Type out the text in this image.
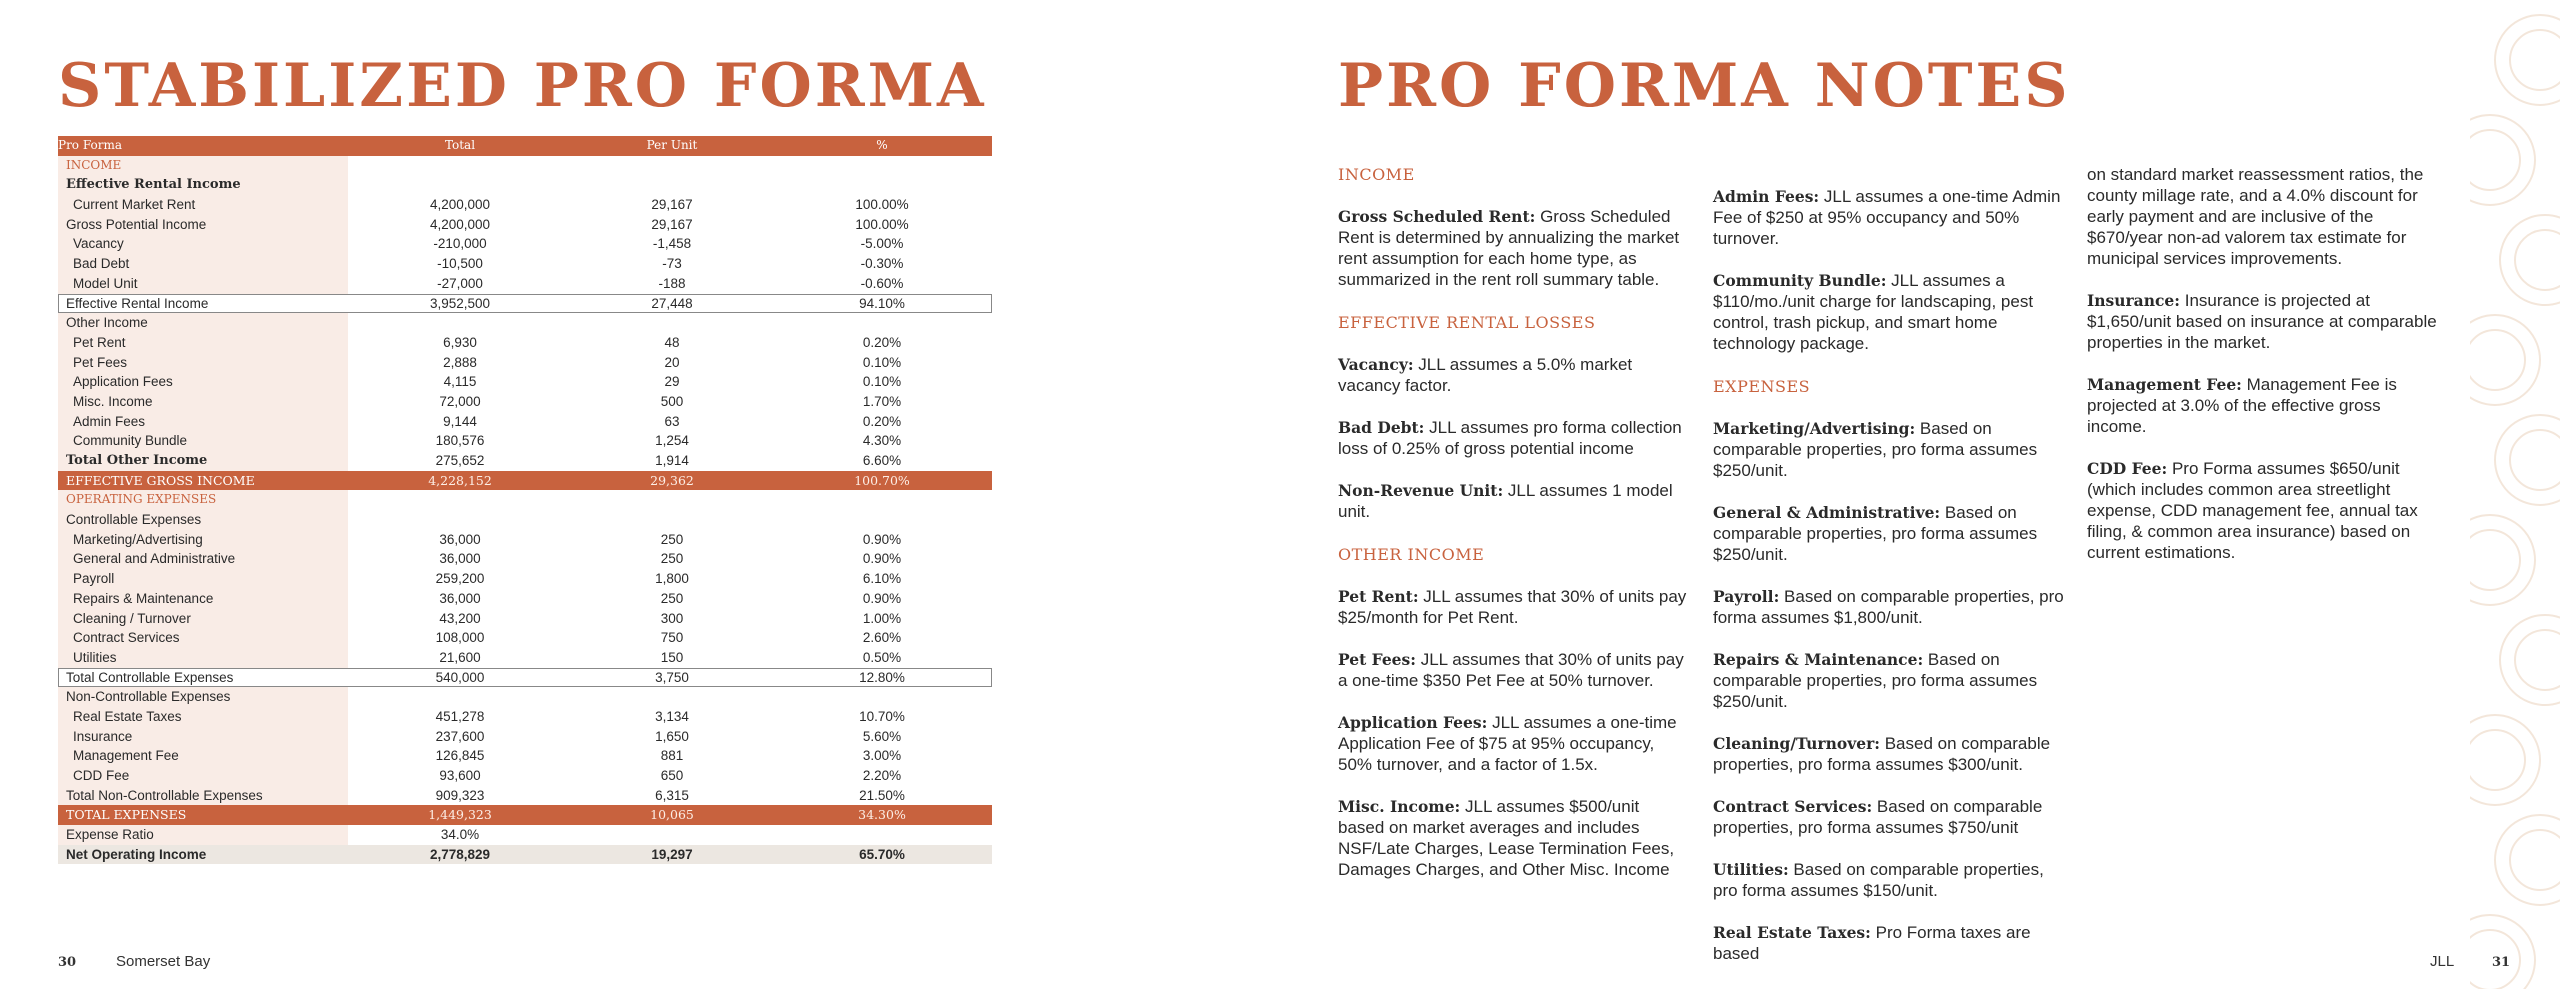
STABILIZED PRO FORMA	PRO FORMA NOTES
Pro Forma	Total	Per Unit	%
INCOME
Effective Rental Income
Current Market Rent	4,200,000	29,167	100.00%
Gross Potential Income	4,200,000	29,167	100.00%
Vacancy	-210,000	-1,458	-5.00%
Bad Debt	-10,500	-73	-0.30%
Model Unit	-27,000	-188	-0.60%
Effective Rental Income	3,952,500	27,448	94.10%
Other Income
Pet Rent	6,930	48	0.20%
Pet Fees	2,888	20	0.10%
Application Fees	4,115	29	0.10%
Misc. Income	72,000	500	1.70%
Admin Fees	9,144	63	0.20%
Community Bundle	180,576	1,254	4.30%
Total Other Income	275,652	1,914	6.60%
EFFECTIVE GROSS INCOME	4,228,152	29,362	100.70%
OPERATING EXPENSES
Controllable Expenses
Marketing/Advertising	36,000	250	0.90%
General and Administrative	36,000	250	0.90%
Payroll	259,200	1,800	6.10%
Repairs & Maintenance	36,000	250	0.90%
Cleaning / Turnover	43,200	300	1.00%
Contract Services	108,000	750	2.60%
Utilities	21,600	150	0.50%
Total Controllable Expenses	540,000	3,750	12.80%
Non-Controllable Expenses
Real Estate Taxes	451,278	3,134	10.70%
Insurance	237,600	1,650	5.60%
Management Fee	126,845	881	3.00%
CDD Fee	93,600	650	2.20%
Total Non-Controllable Expenses	909,323	6,315	21.50%
TOTAL EXPENSES	1,449,323	10,065	34.30%
Expense Ratio	34.0%
Net Operating Income	2,778,829	19,297	65.70%
INCOME

Gross Scheduled Rent: Gross Scheduled Rent is determined by annualizing the market rent assumption for each home type, as summarized in the rent roll summary table.

EFFECTIVE RENTAL LOSSES

Vacancy: JLL assumes a 5.0% market vacancy factor.

Bad Debt: JLL assumes pro forma collection loss of 0.25% of gross potential income

Non-Revenue Unit: JLL assumes 1 model unit.

OTHER INCOME

Pet Rent: JLL assumes that 30% of units pay $25/month for Pet Rent.

Pet Fees: JLL assumes that 30% of units pay a one-time $350 Pet Fee at 50% turnover.

Application Fees: JLL assumes a one-time Application Fee of $75 at 95% occupancy, 50% turnover, and a factor of 1.5x.

Misc. Income: JLL assumes $500/unit based on market averages and includes NSF/Late Charges, Lease Termination Fees, Damages Charges, and Other Misc. Income

Admin Fees: JLL assumes a one-time Admin Fee of $250 at 95% occupancy and 50% turnover.

Community Bundle: JLL assumes a $110/mo./unit charge for landscaping, pest control, trash pickup, and smart home technology package.

EXPENSES

Marketing/Advertising: Based on comparable properties, pro forma assumes $250/unit.

General & Administrative: Based on comparable properties, pro forma assumes $250/unit.

Payroll: Based on comparable properties, pro forma assumes $1,800/unit.

Repairs & Maintenance: Based on comparable properties, pro forma assumes $250/unit.

Cleaning/Turnover: Based on comparable properties, pro forma assumes $300/unit.

Contract Services: Based on comparable properties, pro forma assumes $750/unit

Utilities: Based on comparable properties, pro forma assumes $150/unit.

Real Estate Taxes: Pro Forma taxes are based

on standard market reassessment ratios, the county millage rate, and a 4.0% discount for early payment and are inclusive of the $670/year non-ad valorem tax estimate for municipal services improvements.

Insurance: Insurance is projected at $1,650/unit based on insurance at comparable properties in the market.

Management Fee: Management Fee is projected at 3.0% of the effective gross income.

CDD Fee: Pro Forma assumes $650/unit (which includes common area streetlight expense, CDD management fee, annual tax filing, & common area insurance) based on current estimations.

30	Somerset Bay	JLL	31
